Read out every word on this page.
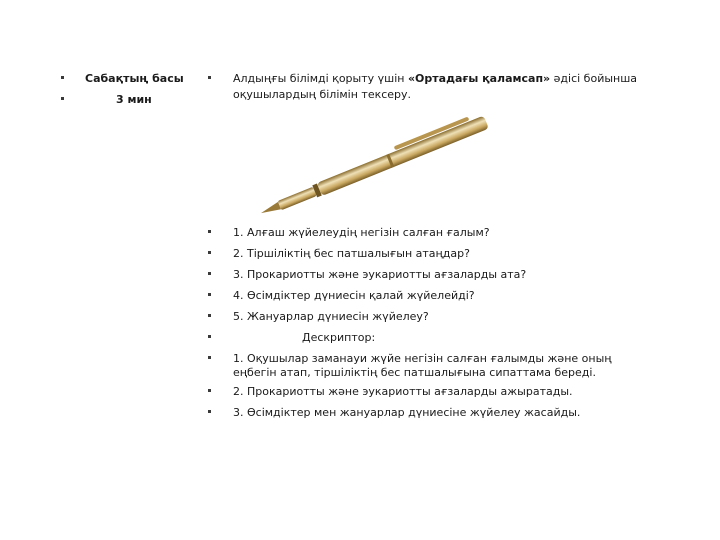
Сабақтың басы
3 мин
Алдыңғы білімді қорыту үшін «Ортадағы қаламсап» әдісі бойынша
оқушылардың білімін тексеру.
1. Алғаш жүйелеудің негізін салған ғалым?
2. Тіршіліктің бес патшалығын атаңдар?
3. Прокариотты және эукариотты ағзаларды ата?
4. Өсімдіктер дүниесін қалай жүйелейді?
5. Жануарлар дүниесін жүйелеу?
Дескриптор:
1. Оқушылар заманауи жүйе негізін салған ғалымды және оның
еңбегін атап, тіршіліктің бес патшалығына сипаттама береді.
2. Прокариотты және эукариотты ағзаларды ажыратады.
3. Өсімдіктер мен жануарлар дүниесіне жүйелеу жасайды.
